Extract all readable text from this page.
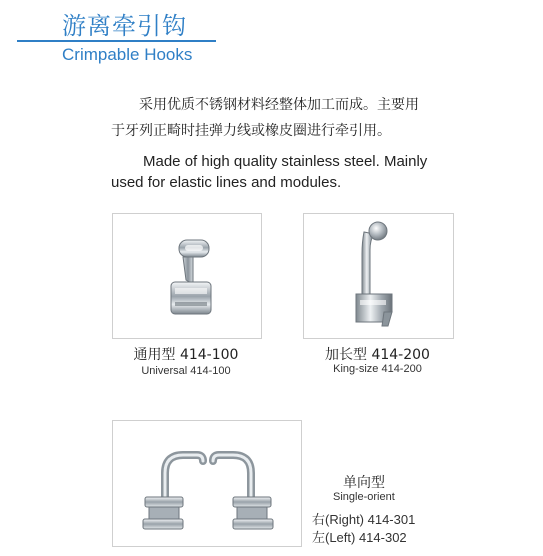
游离牵引钩
Crimpable Hooks
采用优质不锈钢材料经整体加工而成。主要用
于牙列正畸时挂弹力线或橡皮圈进行牵引用。
Made of high quality stainless steel. Mainly
used for elastic lines and modules.
通用型 414-100
Universal 414-100
加长型 414-200
King-size 414-200
单向型
Single-orient
右(Right) 414-301
左(Left) 414-302
